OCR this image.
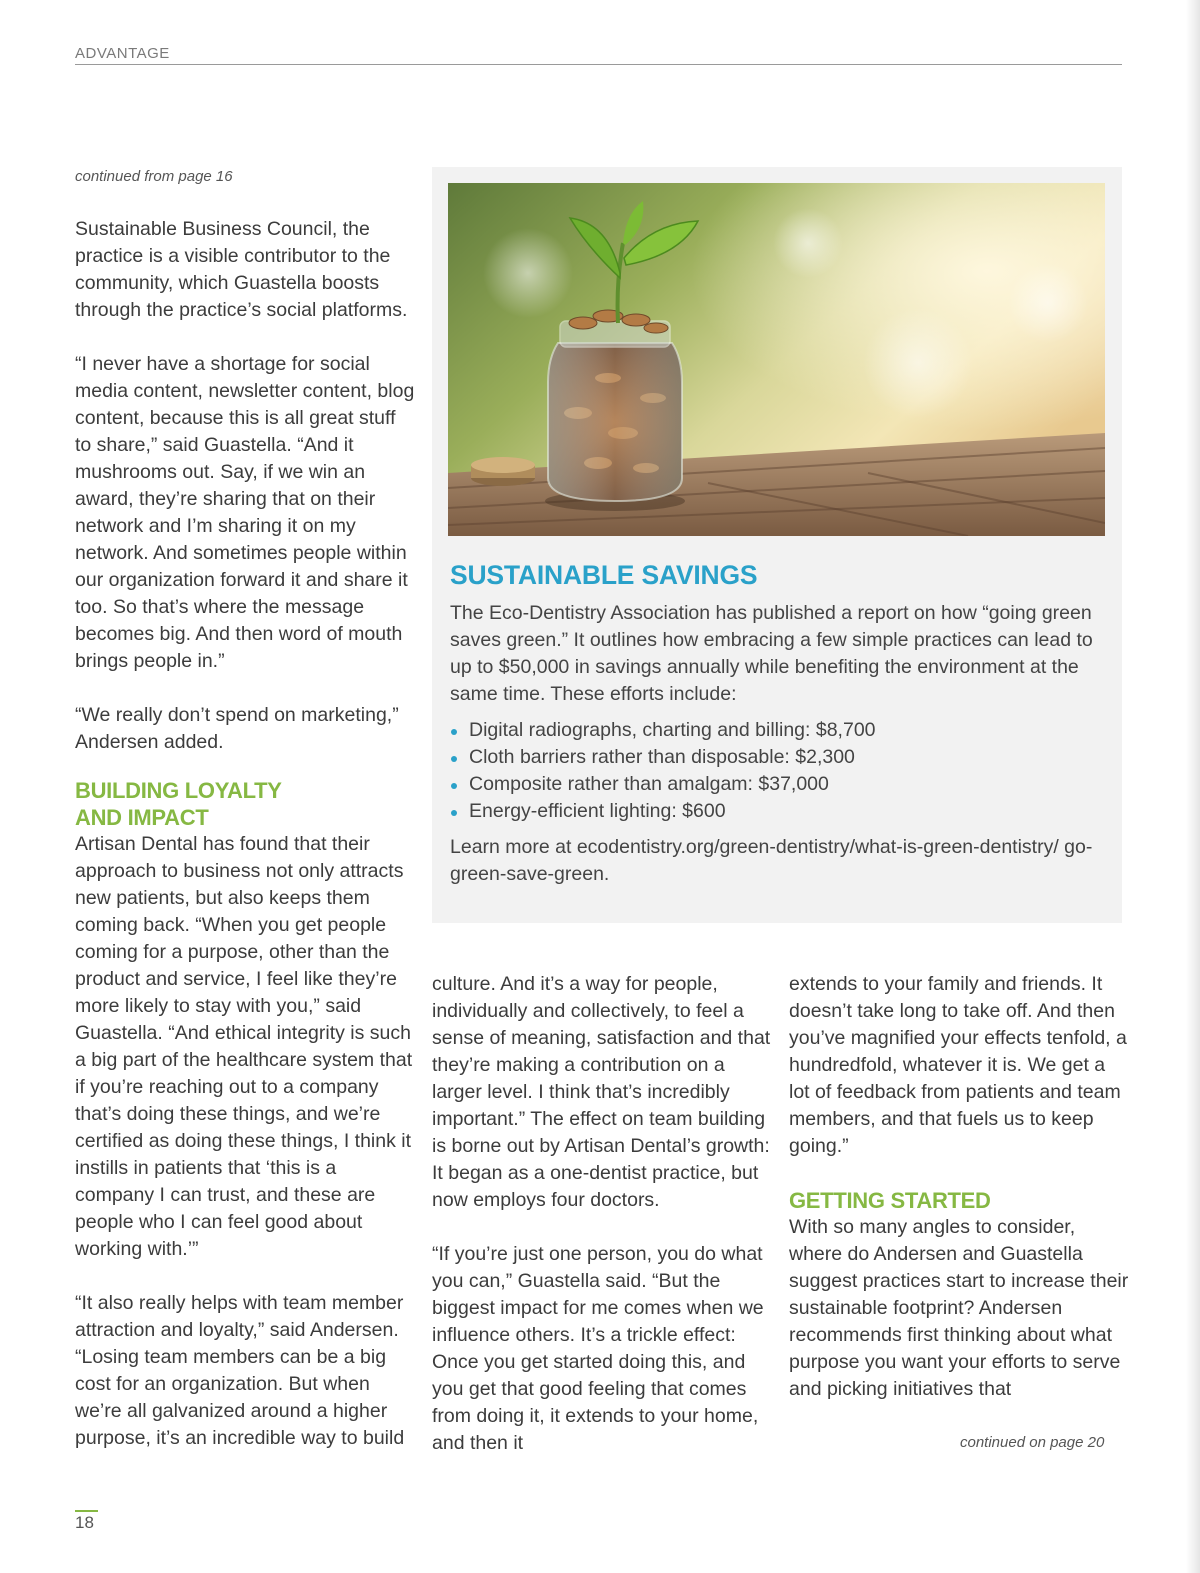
ADVANTAGE
continued from page 16

Sustainable Business Council, the practice is a visible contributor to the community, which Guastella boosts through the practice’s social platforms.

“I never have a shortage for social media content, newsletter content, blog content, because this is all great stuff to share,” said Guastella. “And it mushrooms out. Say, if we win an award, they’re sharing that on their network and I’m sharing it on my network. And sometimes people within our organization forward it and share it too. So that’s where the message becomes big. And then word of mouth brings people in.”

“We really don’t spend on marketing,” Andersen added.

BUILDING LOYALTY
AND IMPACT

Artisan Dental has found that their approach to business not only attracts new patients, but also keeps them coming back. “When you get people coming for a purpose, other than the product and service, I feel like they’re more likely to stay with you,” said Guastella. “And ethical integrity is such a big part of the healthcare system that if you’re reaching out to a company that’s doing these things, and we’re certified as doing these things, I think it instills in patients that ‘this is a company I can trust, and these are people who I can feel good about working with.’”

“It also really helps with team member attraction and loyalty,” said Andersen. “Losing team members can be a big cost for an organization. But when we’re all galvanized around a higher purpose, it’s an incredible way to build

SUSTAINABLE SAVINGS
The Eco-Dentistry Association has published a report on how “going green saves green.” It outlines how embracing a few simple practices can lead to up to $50,000 in savings annually while benefiting the environment at the same time. These efforts include:
Digital radiographs, charting and billing: $8,700
Cloth barriers rather than disposable: $2,300
Composite rather than amalgam: $37,000
Energy-efficient lighting: $600
Learn more at ecodentistry.org/green-dentistry/what-is-green-dentistry/ go-green-save-green.

culture. And it’s a way for people, individually and collectively, to feel a sense of meaning, satisfaction and that they’re making a contribution on a larger level. I think that’s incredibly important.” The effect on team building is borne out by Artisan Dental’s growth: It began as a one-dentist practice, but now employs four doctors.

“If you’re just one person, you do what you can,” Guastella said. “But the biggest impact for me comes when we influence others. It’s a trickle effect: Once you get started doing this, and you get that good feeling that comes from doing it, it extends to your home, and then it

extends to your family and friends. It doesn’t take long to take off. And then you’ve magnified your effects tenfold, a hundredfold, whatever it is. We get a lot of feedback from patients and team members, and that fuels us to keep going.”

GETTING STARTED

With so many angles to consider, where do Andersen and Guastella suggest practices start to increase their sustainable footprint? Andersen recommends first thinking about what purpose you want your efforts to serve and picking initiatives that

continued on page 20
18
